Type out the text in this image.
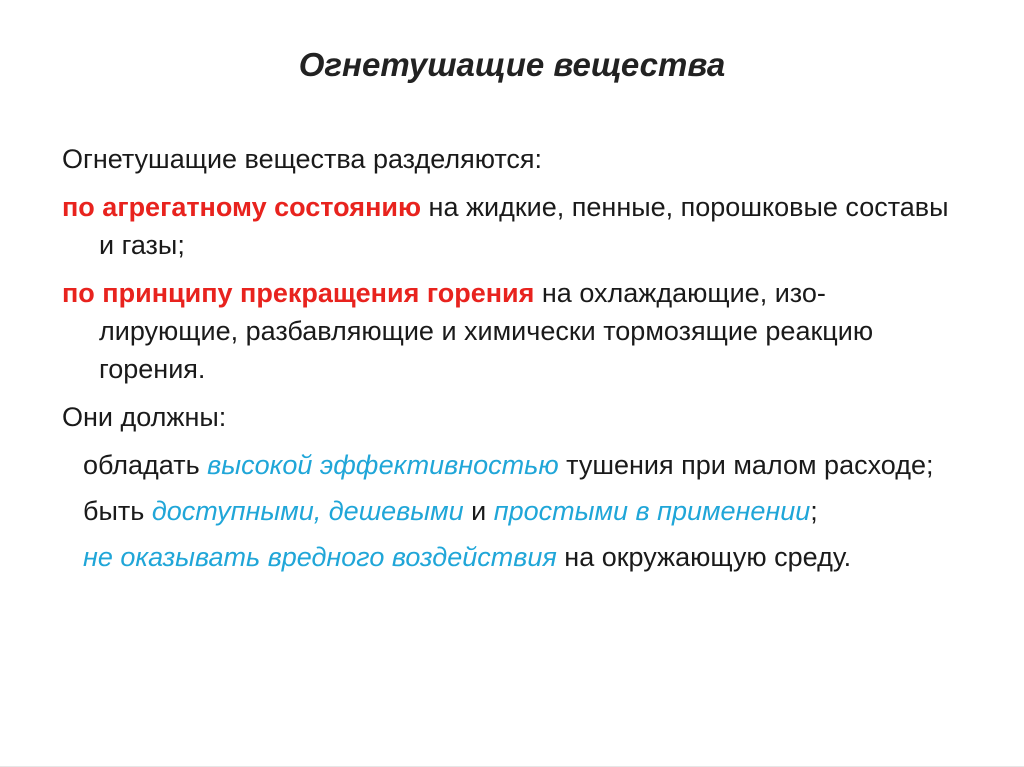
Огнетушащие вещества

Огнетушащие вещества разделяются:

по агрегатному состоянию на жидкие, пенные, порошковые составы и газы;

по принципу прекращения горения на охлаждающие, изо-лирующие, разбавляющие и химически тормозящие реакцию горения.

Они должны:

обладать высокой эффективностью тушения при малом расходе;

быть доступными, дешевыми и простыми в применении;

не оказывать вредного воздействия на окружающую среду.
